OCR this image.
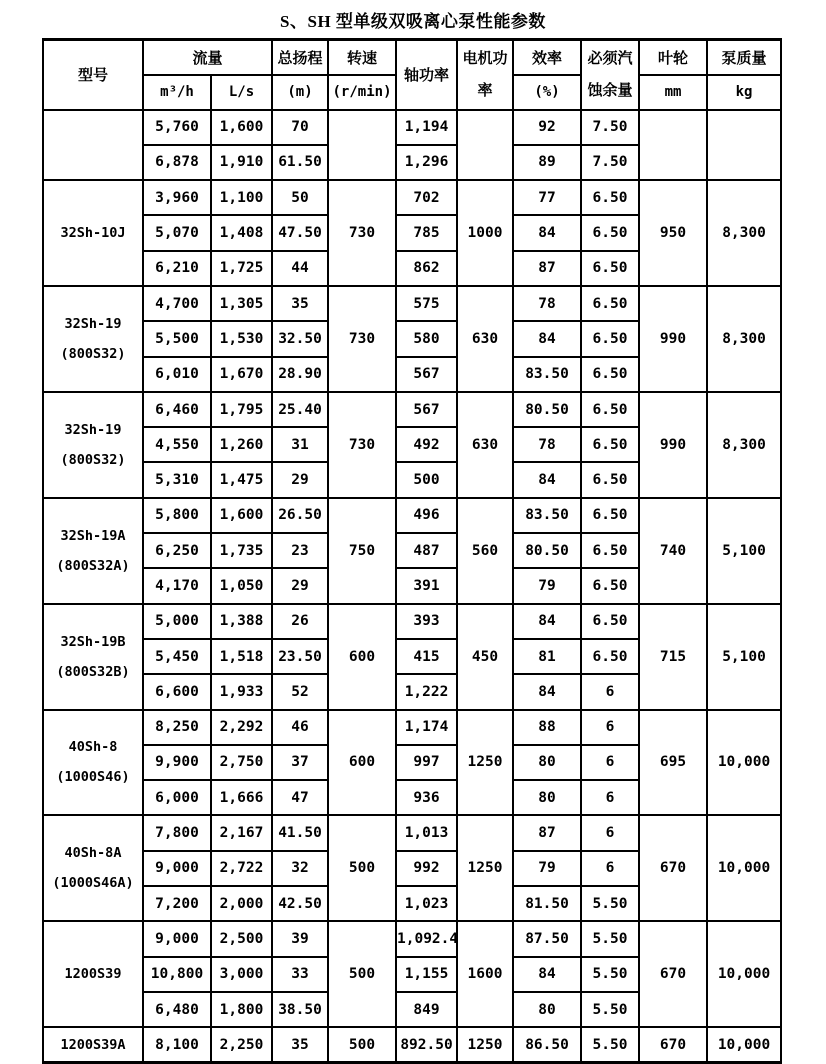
S、SH 型单级双吸离心泵性能参数
型号	流量		总扬程	转速	轴功率	电机功率	效率	必须汽蚀余量	叶轮	泵质量
	m³/h	L/s	(m)	(r/min)			(%)		mm	kg
	5,760	1,600	70		1,194		92	7.50		
	6,878	1,910	61.50		1,296		89	7.50		

32Sh-10J	3,960	1,100	50	730	702	1000	77	6.50	950	8,300
	5,070	1,408	47.50		785		84	6.50		
	6,210	1,725	44		862		87	6.50		

32Sh-19
(800S32)	4,700	1,305	35	730	575	630	78	6.50	990	8,300
	5,500	1,530	32.50		580		84	6.50		
	6,010	1,670	28.90		567		83.50	6.50		

32Sh-19
(800S32)	6,460	1,795	25.40	730	567	630	80.50	6.50	990	8,300
	4,550	1,260	31		492		78	6.50		
	5,310	1,475	29		500		84	6.50		

32Sh-19A
(800S32A)	5,800	1,600	26.50	750	496	560	83.50	6.50	740	5,100
	6,250	1,735	23		487		80.50	6.50		
	4,170	1,050	29		391		79	6.50		

32Sh-19B
(800S32B)	5,000	1,388	26	600	393	450	84	6.50	715	5,100
	5,450	1,518	23.50		415		81	6.50		
	6,600	1,933	52		1,222		84	6		

40Sh-8
(1000S46)	8,250	2,292	46	600	1,174	1250	88	6	695	10,000
	9,900	2,750	37		997		80	6		
	6,000	1,666	47		936		80	6		

40Sh-8A
(1000S46A)	7,800	2,167	41.50	500	1,013	1250	87	6	670	10,000
	9,000	2,722	32		992		79	6		
	7,200	2,000	42.50		1,023		81.50	5.50		

1200S39	9,000	2,500	39	500	1,092.4	1600	87.50	5.50	670	10,000
	10,800	3,000	33		1,155		84	5.50		
	6,480	1,800	38.50		849		80	5.50		

1200S39A	8,100	2,250	35	500	892.50	1250	86.50	5.50	670	10,000
